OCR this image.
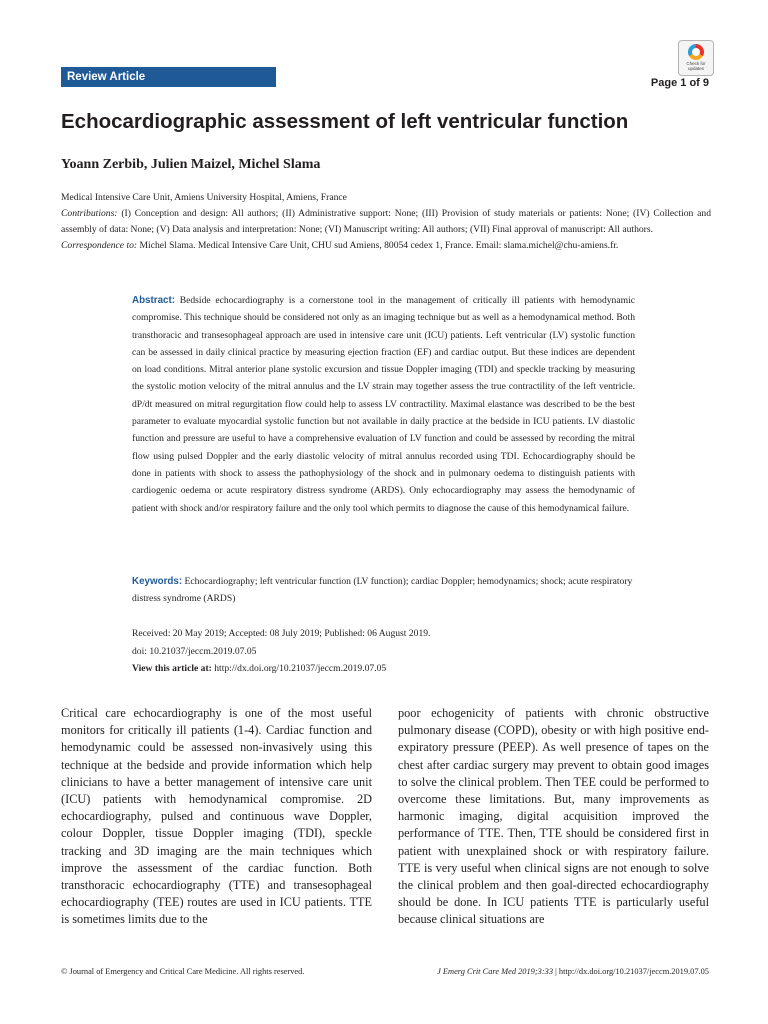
Review Article
Check for updates
Page 1 of 9
Echocardiographic assessment of left ventricular function
Yoann Zerbib, Julien Maizel, Michel Slama

Medical Intensive Care Unit, Amiens University Hospital, Amiens, France

Contributions: (I) Conception and design: All authors; (II) Administrative support: None; (III) Provision of study materials or patients: None; (IV) Collection and assembly of data: None; (V) Data analysis and interpretation: None; (VI) Manuscript writing: All authors; (VII) Final approval of manuscript: All authors.

Correspondence to: Michel Slama. Medical Intensive Care Unit, CHU sud Amiens, 80054 cedex 1, France. Email: slama.michel@chu-amiens.fr.

Abstract: Bedside echocardiography is a cornerstone tool in the management of critically ill patients with hemodynamic compromise. This technique should be considered not only as an imaging technique but as well as a hemodynamical method. Both transthoracic and transesophageal approach are used in intensive care unit (ICU) patients. Left ventricular (LV) systolic function can be assessed in daily clinical practice by measuring ejection fraction (EF) and cardiac output. But these indices are dependent on load conditions. Mitral anterior plane systolic excursion and tissue Doppler imaging (TDI) and speckle tracking by measuring the systolic motion velocity of the mitral annulus and the LV strain may together assess the true contractility of the left ventricle. dP/dt measured on mitral regurgitation flow could help to assess LV contractility. Maximal elastance was described to be the best parameter to evaluate myocardial systolic function but not available in daily practice at the bedside in ICU patients. LV diastolic function and pressure are useful to have a comprehensive evaluation of LV function and could be assessed by recording the mitral flow using pulsed Doppler and the early diastolic velocity of mitral annulus recorded using TDI. Echocardiography should be done in patients with shock to assess the pathophysiology of the shock and in pulmonary oedema to distinguish patients with cardiogenic oedema or acute respiratory distress syndrome (ARDS). Only echocardiography may assess the hemodynamic of patient with shock and/or respiratory failure and the only tool which permits to diagnose the cause of this hemodynamical failure.

Keywords: Echocardiography; left ventricular function (LV function); cardiac Doppler; hemodynamics; shock; acute respiratory distress syndrome (ARDS)

Received: 20 May 2019; Accepted: 08 July 2019; Published: 06 August 2019.

doi: 10.21037/jeccm.2019.07.05

View this article at: http://dx.doi.org/10.21037/jeccm.2019.07.05

Critical care echocardiography is one of the most useful monitors for critically ill patients (1-4). Cardiac function and hemodynamic could be assessed non-invasively using this technique at the bedside and provide information which help clinicians to have a better management of intensive care unit (ICU) patients with hemodynamical compromise. 2D echocardiography, pulsed and continuous wave Doppler, colour Doppler, tissue Doppler imaging (TDI), speckle tracking and 3D imaging are the main techniques which improve the assessment of the cardiac function. Both transthoracic echocardiography (TTE) and transesophageal echocardiography (TEE) routes are used in ICU patients. TTE is sometimes limits due to the

poor echogenicity of patients with chronic obstructive pulmonary disease (COPD), obesity or with high positive end-expiratory pressure (PEEP). As well presence of tapes on the chest after cardiac surgery may prevent to obtain good images to solve the clinical problem. Then TEE could be performed to overcome these limitations. But, many improvements as harmonic imaging, digital acquisition improved the performance of TTE. Then, TTE should be considered first in patient with unexplained shock or with respiratory failure. TTE is very useful when clinical signs are not enough to solve the clinical problem and then goal-directed echocardiography should be done. In ICU patients TTE is particularly useful because clinical situations are

© Journal of Emergency and Critical Care Medicine. All rights reserved.	J Emerg Crit Care Med 2019;3:33 | http://dx.doi.org/10.21037/jeccm.2019.07.05
